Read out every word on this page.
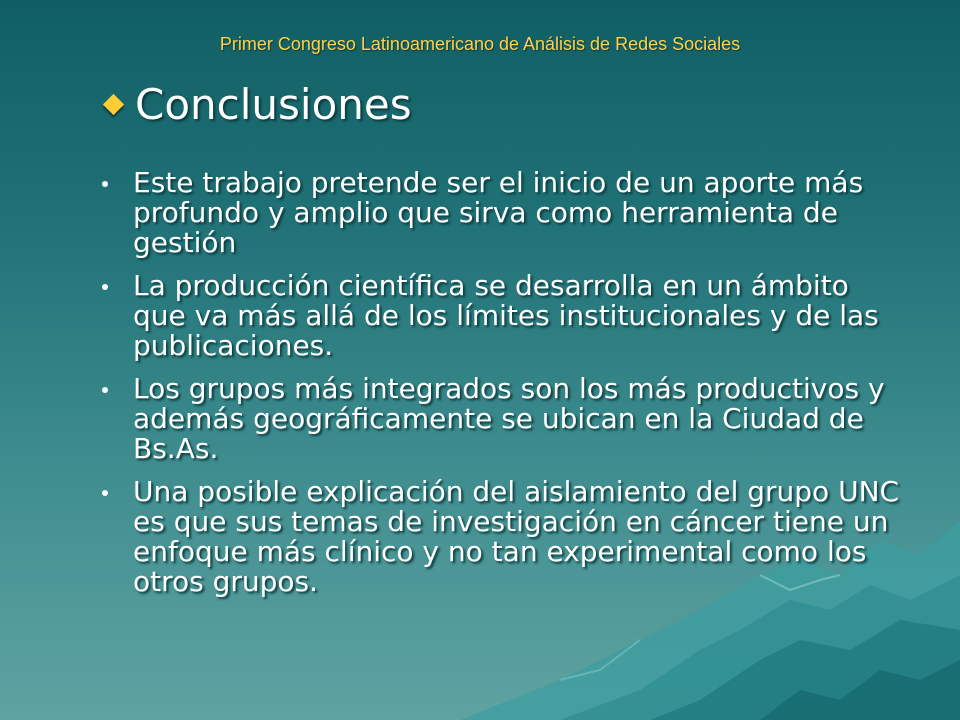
Primer Congreso Latinoamericano de Análisis de Redes Sociales
Conclusiones
Este trabajo pretende ser el inicio de un aporte más profundo y amplio que sirva como herramienta de gestión
La producción científica se desarrolla en un ámbito que va más allá de los límites institucionales y de las publicaciones.
Los grupos más integrados son los más productivos y además geográficamente se ubican en la Ciudad de Bs.As.
Una posible explicación del aislamiento del grupo UNC es que sus temas de investigación en cáncer tiene un enfoque más clínico y no tan experimental como los otros grupos.
